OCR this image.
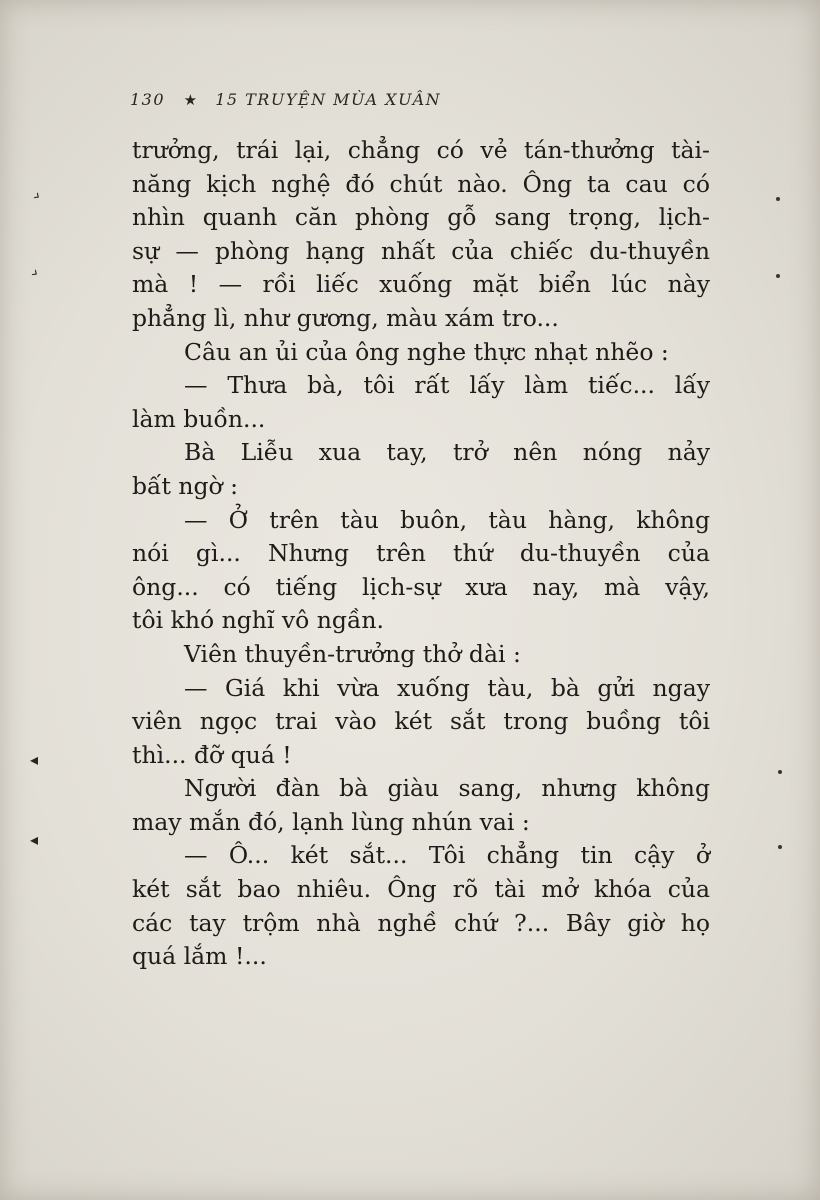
130 ★ 15 TRUYỆN MÙA XUÂN
trưởng, trái lại, chẳng có vẻ tán-thưởng tài-
năng kịch nghệ đó chút nào. Ông ta cau có
nhìn quanh căn phòng gỗ sang trọng, lịch-
sự — phòng hạng nhất của chiếc du-thuyền
mà ! — rồi liếc xuống mặt biển lúc này
phẳng lì, như gương, màu xám tro...
Câu an ủi của ông nghe thực nhạt nhẽo :
— Thưa bà, tôi rất lấy làm tiếc... lấy
làm buồn...
Bà Liễu xua tay, trở nên nóng nảy
bất ngờ :
— Ở trên tàu buôn, tàu hàng, không
nói gì... Nhưng trên thứ du-thuyền của
ông... có tiếng lịch-sự xưa nay, mà vậy,
tôi khó nghĩ vô ngần.
Viên thuyền-trưởng thở dài :
— Giá khi vừa xuống tàu, bà gửi ngay
viên ngọc trai vào két sắt trong buồng tôi
thì... đỡ quá !
Người đàn bà giàu sang, nhưng không
may mắn đó, lạnh lùng nhún vai :
— Ô... két sắt... Tôi chẳng tin cậy ở
két sắt bao nhiêu. Ông rõ tài mở khóa của
các tay trộm nhà nghề chứ ?... Bây giờ họ
quá lắm !...
›
›
◂
◂
